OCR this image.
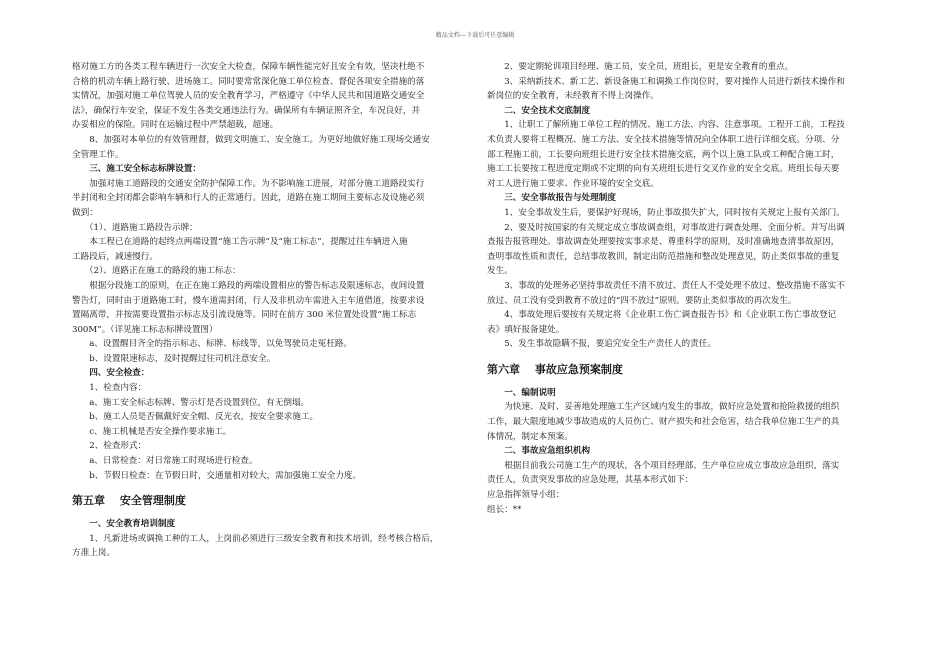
精品文档---下载后可任意编辑
格对施工方的各类工程车辆进行一次安全大检查，保障车辆性能完好且安全有效，坚决杜绝不
合格的机动车辆上路行驶、进场施工。同时要常常深化施工单位检查、督促各项安全措施的落
实情况，加强对施工单位驾驶人员的安全教育学习，严格遵守《中华人民共和国道路交通安全
法》，确保行车安全，保证不发生各类交通违法行为。确保所有车辆证照齐全，车况良好，并
办妥相应的保险。同时在运输过程中严禁超载，超速。
　　8、加强对本单位的有效管理督，做到文明施工、安全施工。为更好地做好施工现场交通安
全管理工作。
　　三、施工安全标志标牌设置：
　　加强对施工道路段的交通安全防护保障工作。为不影响施工进展，对部分施工道路段实行
半封闭和全封闭都会影响车辆和行人的正常通行。因此，道路在施工期间主要标志及设施必须
做到：
　　（1）、道路施工路段告示牌：
　　本工程已在道路的起终点两端设置“施工告示牌”及“施工标志”，提醒过往车辆进入施
工路段后，减速慢行。
　　（2）、道路正在施工的路段的施工标志：
　　根据分段施工的原则，在正在施工路段的两端设置相应的警告标志及限速标志，夜间设置
警告灯，同时由于道路施工时，慢车道需封闭，行人及非机动车需进入主车道借道，按要求设
置隔离带，并按需要设置指示标志及引流设施等。同时在前方 300 米位置处设置“施工标志
300M”。（详见施工标志标牌设置图）
　　a、设置醒目齐全的指示标志、标牌、标线等，以免驾驶员走冤枉路。
　　b、设置限速标志，及时提醒过往司机注意安全。
　　四、安全检查：
　　1、检查内容：
　　a、施工安全标志标牌、警示灯是否设置到位，有无倒塌。
　　b、施工人员是否佩戴好安全帽、反光衣，按安全要求施工。
　　c、施工机械是否安全操作要求施工。
　　2、检查形式：
　　a、日常检查：对日常施工时现场进行检查。
　　b、节假日检查：在节假日时，交通量相对较大，需加强施工安全力度。
第五章　 安全管理制度
　　一、安全教育培训制度
　　1、凡新进场或调换工种的工人，上岗前必须进行三级安全教育和技术培训，经考核合格后，
方准上岗。
　　2、要定期轮训项目经理、施工员，安全员，班组长，更是安全教育的重点。
　　3、采纳新技术、新工艺、新设备施工和调换工作岗位时，要对操作人员进行新技术操作和
新岗位的安全教育，未经教育不得上岗操作。
　　二、安全技术交底制度
　　1、让职工了解所施工单位工程的情况、施工方法、内容、注意事项。工程开工前，工程技
术负责人要将工程概况、施工方法、安全技术措施等情况向全体职工进行详细交底。分项、分
部工程施工前，工长要向班组长进行安全技术措施交底，两个以上施工队或工种配合施工时，
施工工长要按工程进度定期或不定期的向有关班组长进行交叉作业的安全交底。班组长每天要
对工人进行施工要求、作业环境的安全交底。
　　三、安全事故报告与处理制度
　　1、安全事故发生后，要保护好现场，防止事故损失扩大，同时按有关规定上报有关部门。
　　2、要及时按国家的有关规定成立事故调查组，对事故进行调查处理、全面分析。并写出调
查报告报管理处。事故调查处理要按实事求是、尊重科学的原则，及时准确地查清事故原因，
查明事故性质和责任，总结事故教训，制定出防范措施和整改处理意见，防止类似事故的重复
发生。
　　3、事故的处理务必坚持事故责任不清不放过、责任人不受处理不放过、整改措施不落实不
放过、员工没有受到教育不放过的“四不放过”原则。要防止类似事故的再次发生。
　　4、事故处理后要按有关规定将《企业职工伤亡调查报告书》和《企业职工伤亡事故登记
表》填好报备建处。
　　5、发生事故隐瞒不报，要追究安全生产责任人的责任。
第六章　 事故应急预案制度
　　一、编制说明
　　为快速、及时、妥善地处理施工生产区域内发生的事故，做好应急处置和抢险救援的组织
工作，最大限度地减少事故造成的人员伤亡、财产损失和社会危害，结合我单位施工生产的具
体情况，制定本预案。
　　二、事故应急组织机构
　　根据目前我公司施工生产的现状，各个项目经理部、生产单位应成立事故应急组织，落实
责任人，负责突发事故的应急处理，其基本形式如下：
应急指挥领导小组：
组长：**
